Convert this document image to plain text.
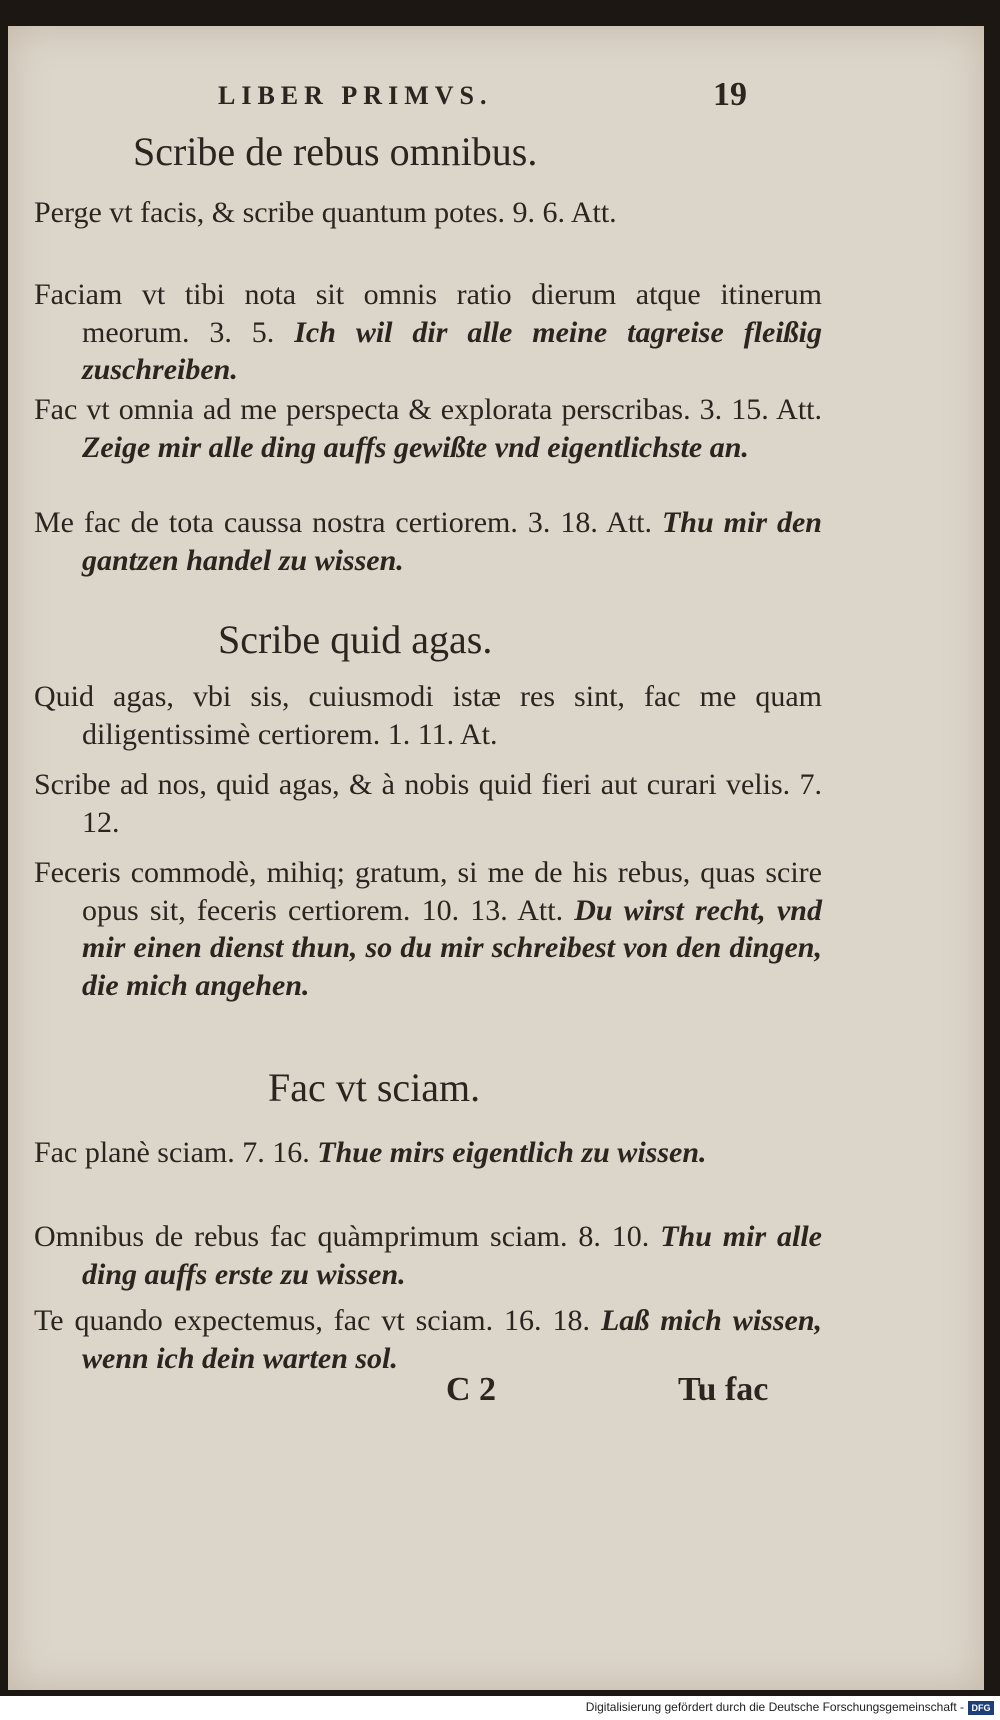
LIBER PRIMVS.	19
Scribe de rebus omnibus.
Perge vt facis, & scribe quantum potes. 9. 6. Att.
Faciam vt tibi nota sit omnis ratio dierum atque itinerum meorum. 3. 5. Ich wil dir alle meine tagreise fleißig zuschreiben.
Fac vt omnia ad me perspecta & explorata perscribas. 3. 15. Att. Zeige mir alle ding auffs gewißte vnd eigentlichste an.
Me fac de tota caussa nostra certiorem. 3. 18. Att. Thu mir den gantzen handel zu wissen.
Scribe quid agas.
Quid agas, vbi sis, cuiusmodi istæ res sint, fac me quam diligentissimè certiorem. 1. 11. At.
Scribe ad nos, quid agas, & à nobis quid fieri aut curari velis. 7. 12.
Feceris commodè, mihiq; gratum, si me de his rebus, quas scire opus sit, feceris certiorem. 10. 13. Att. Du wirst recht, vnd mir einen dienst thun, so du mir schreibest von den dingen, die mich angehen.
Fac vt sciam.
Fac planè sciam. 7. 16. Thue mirs eigentlich zu wissen.
Omnibus de rebus fac quàmprimum sciam. 8. 10. Thu mir alle ding auffs erste zu wissen.
Te quando expectemus, fac vt sciam. 16. 18. Laß mich wissen, wenn ich dein warten sol.
C 2	Tu fac
Digitalisierung gefördert durch die Deutsche Forschungsgemeinschaft - DFG
